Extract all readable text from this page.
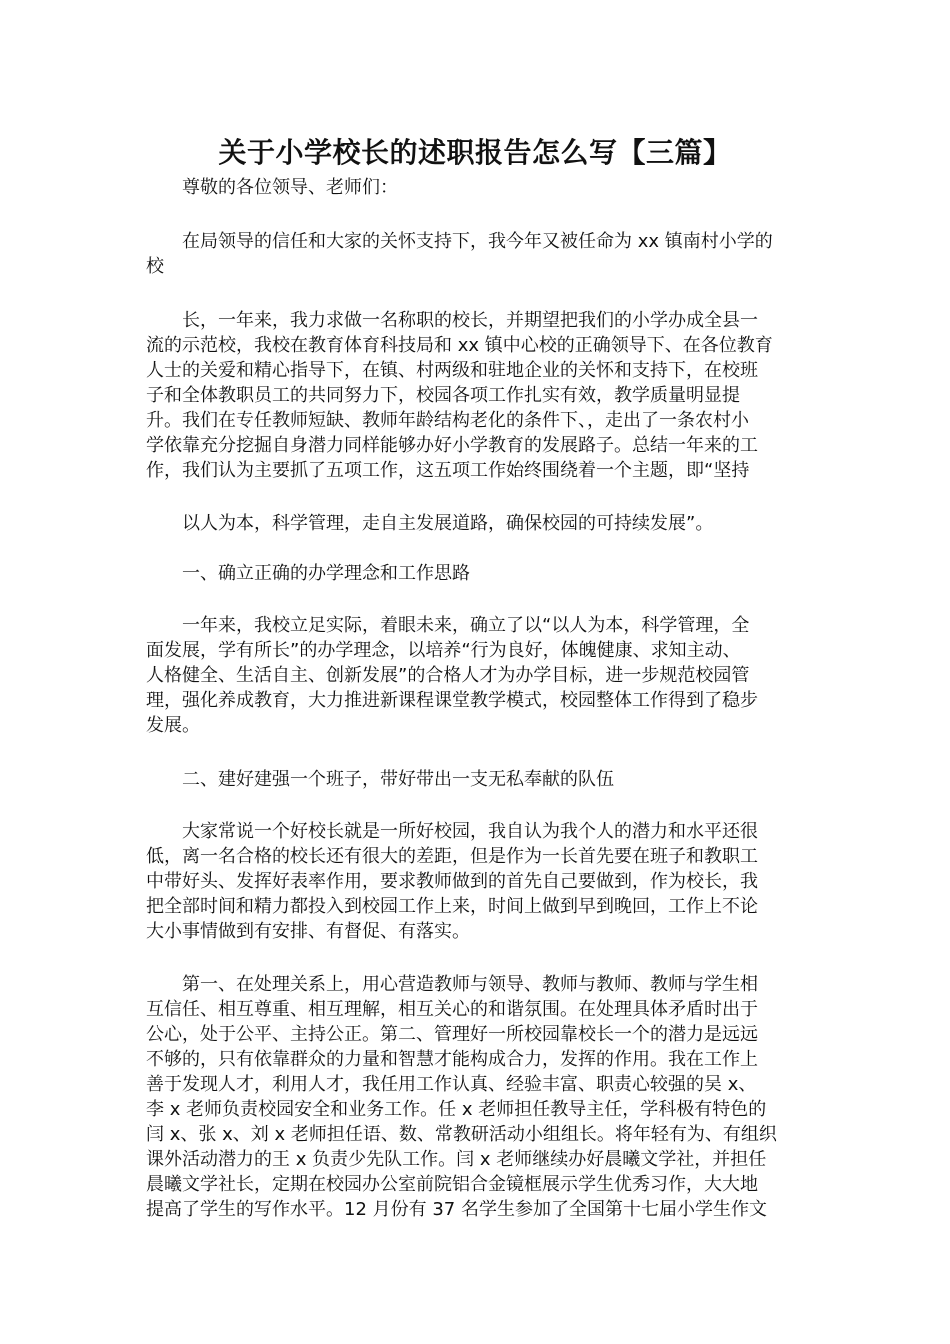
关于小学校长的述职报告怎么写【三篇】
尊敬的各位领导、老师们：
在局领导的信任和大家的关怀支持下，我今年又被任命为 xx 镇南村小学的
校
长，一年来，我力求做一名称职的校长，并期望把我们的小学办成全县一
流的示范校，我校在教育体育科技局和 xx 镇中心校的正确领导下、在各位教育
人士的关爱和精心指导下，在镇、村两级和驻地企业的关怀和支持下，在校班
子和全体教职员工的共同努力下，校园各项工作扎实有效，教学质量明显提
升。我们在专任教师短缺、教师年龄结构老化的条件下、，走出了一条农村小
学依靠充分挖掘自身潜力同样能够办好小学教育的发展路子。总结一年来的工
作，我们认为主要抓了五项工作，这五项工作始终围绕着一个主题，即“坚持
以人为本，科学管理，走自主发展道路，确保校园的可持续发展”。
一、确立正确的办学理念和工作思路
一年来，我校立足实际，着眼未来，确立了以“以人为本，科学管理，全
面发展，学有所长”的办学理念，以培养“行为良好，体魄健康、求知主动、
人格健全、生活自主、创新发展”的合格人才为办学目标，进一步规范校园管
理，强化养成教育，大力推进新课程课堂教学模式，校园整体工作得到了稳步
发展。
二、建好建强一个班子，带好带出一支无私奉献的队伍
大家常说一个好校长就是一所好校园，我自认为我个人的潜力和水平还很
低，离一名合格的校长还有很大的差距，但是作为一长首先要在班子和教职工
中带好头、发挥好表率作用，要求教师做到的首先自己要做到，作为校长，我
把全部时间和精力都投入到校园工作上来，时间上做到早到晚回，工作上不论
大小事情做到有安排、有督促、有落实。
第一、在处理关系上，用心营造教师与领导、教师与教师、教师与学生相
互信任、相互尊重、相互理解，相互关心的和谐氛围。在处理具体矛盾时出于
公心，处于公平、主持公正。第二、管理好一所校园靠校长一个的潜力是远远
不够的，只有依靠群众的力量和智慧才能构成合力，发挥的作用。我在工作上
善于发现人才，利用人才，我任用工作认真、经验丰富、职责心较强的吴 x、
李 x 老师负责校园安全和业务工作。任 x 老师担任教导主任，学科极有特色的
闫 x、张 x、刘 x 老师担任语、数、常教研活动小组组长。将年轻有为、有组织
课外活动潜力的王 x 负责少先队工作。闫 x 老师继续办好晨曦文学社，并担任
晨曦文学社长，定期在校园办公室前院铝合金镜框展示学生优秀习作，大大地
提高了学生的写作水平。12 月份有 37 名学生参加了全国第十七届小学生作文
